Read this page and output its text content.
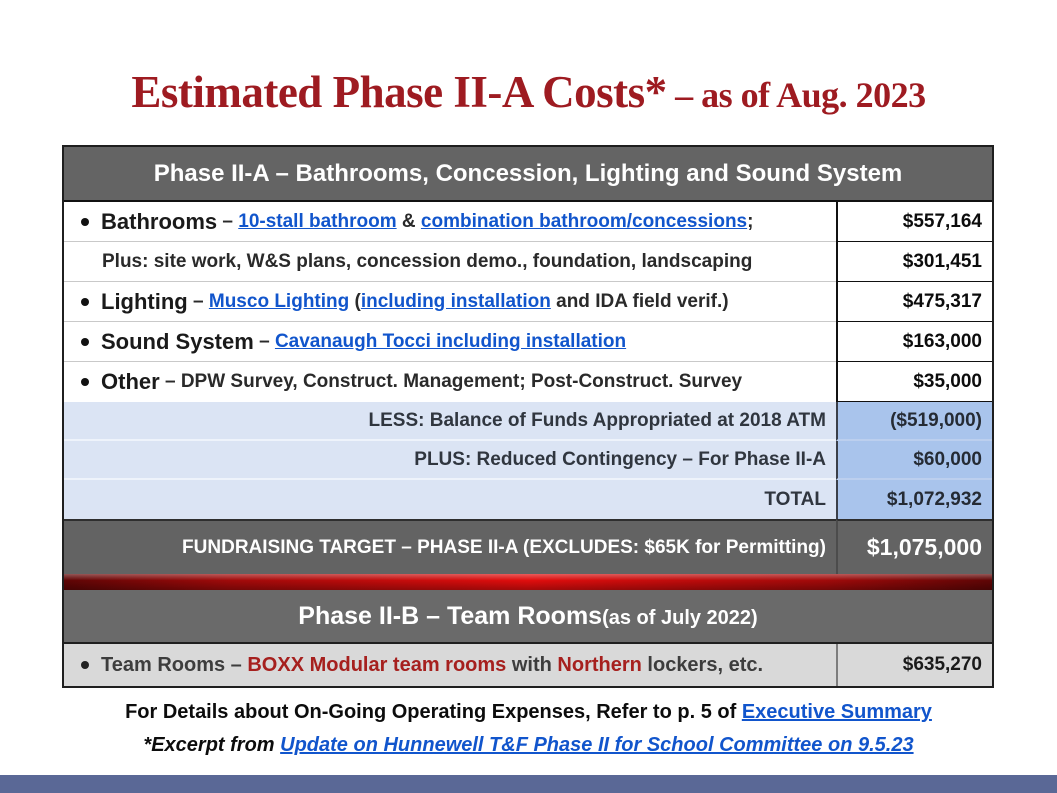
Estimated Phase II-A Costs* – as of Aug. 2023
Phase II-A – Bathrooms, Concession, Lighting and Sound System
Bathrooms – 10-stall bathroom & combination bathroom/concessions ;	$557,164
Plus: site work, W&S plans, concession demo., foundation, landscaping	$301,451
Lighting – Musco Lighting ( including installation and IDA field verif.)	$475,317
Sound System – Cavanaugh Tocci including installation	$163,000
Other – DPW Survey, Construct. Management; Post-Construct. Survey	$35,000
LESS: Balance of Funds Appropriated at 2018 ATM	($519,000)
PLUS: Reduced Contingency – For Phase II-A	$60,000
TOTAL	$1,072,932
FUNDRAISING TARGET – PHASE II-A (EXCLUDES: $65K for Permitting)	$1,075,000
Phase II-B – Team Rooms (as of July 2022)
Team Rooms – BOXX Modular team rooms with Northern lockers, etc.	$635,270
For Details about On-Going Operating Expenses, Refer to p. 5 of Executive Summary
*Excerpt from Update on Hunnewell T&F Phase II for School Committee on 9.5.23
